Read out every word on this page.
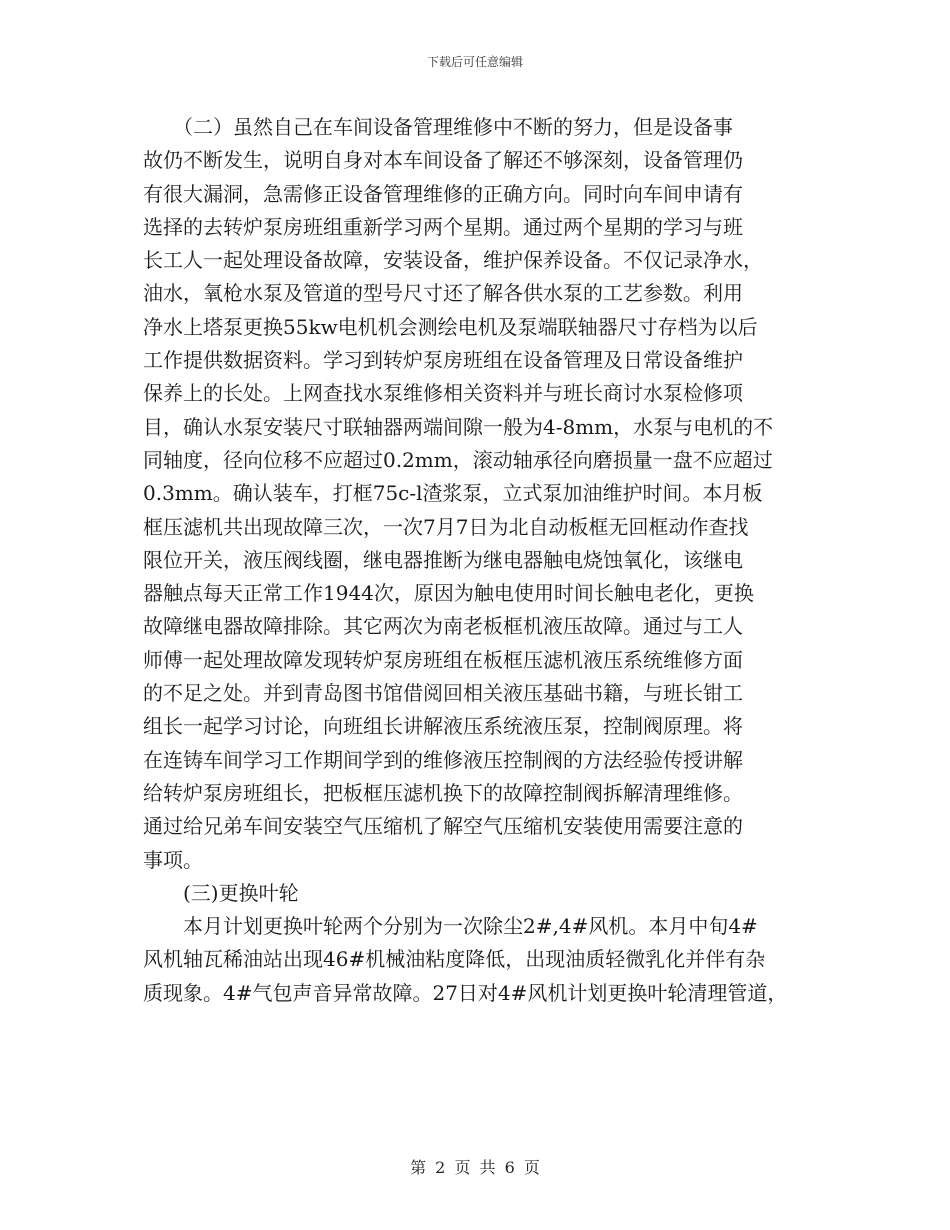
下载后可任意编辑
　　（二）虽然自己在车间设备管理维修中不断的努力，但是设备事
故仍不断发生，说明自身对本车间设备了解还不够深刻，设备管理仍
有很大漏洞，急需修正设备管理维修的正确方向。同时向车间申请有
选择的去转炉泵房班组重新学习两个星期。通过两个星期的学习与班
长工人一起处理设备故障，安装设备，维护保养设备。不仅记录净水，
油水，氧枪水泵及管道的型号尺寸还了解各供水泵的工艺参数。利用
净水上塔泵更换55kw电机机会测绘电机及泵端联轴器尺寸存档为以后
工作提供数据资料。学习到转炉泵房班组在设备管理及日常设备维护
保养上的长处。上网查找水泵维修相关资料并与班长商讨水泵检修项
目，确认水泵安装尺寸联轴器两端间隙一般为4-8mm，水泵与电机的不
同轴度，径向位移不应超过0.2mm，滚动轴承径向磨损量一盘不应超过
0.3mm。确认装车，打框75c-l渣浆泵，立式泵加油维护时间。本月板
框压滤机共出现故障三次，一次7月7日为北自动板框无回框动作查找
限位开关，液压阀线圈，继电器推断为继电器触电烧蚀氧化，该继电
器触点每天正常工作1944次，原因为触电使用时间长触电老化，更换
故障继电器故障排除。其它两次为南老板框机液压故障。通过与工人
师傅一起处理故障发现转炉泵房班组在板框压滤机液压系统维修方面
的不足之处。并到青岛图书馆借阅回相关液压基础书籍，与班长钳工
组长一起学习讨论，向班组长讲解液压系统液压泵，控制阀原理。将
在连铸车间学习工作期间学到的维修液压控制阀的方法经验传授讲解
给转炉泵房班组长，把板框压滤机换下的故障控制阀拆解清理维修。
通过给兄弟车间安装空气压缩机了解空气压缩机安装使用需要注意的
事项。
　　(三)更换叶轮
　　本月计划更换叶轮两个分别为一次除尘2#,4#风机。本月中旬4#
风机轴瓦稀油站出现46#机械油粘度降低，出现油质轻微乳化并伴有杂
质现象。4#气包声音异常故障。27日对4#风机计划更换叶轮清理管道，
第 2 页 共 6 页
